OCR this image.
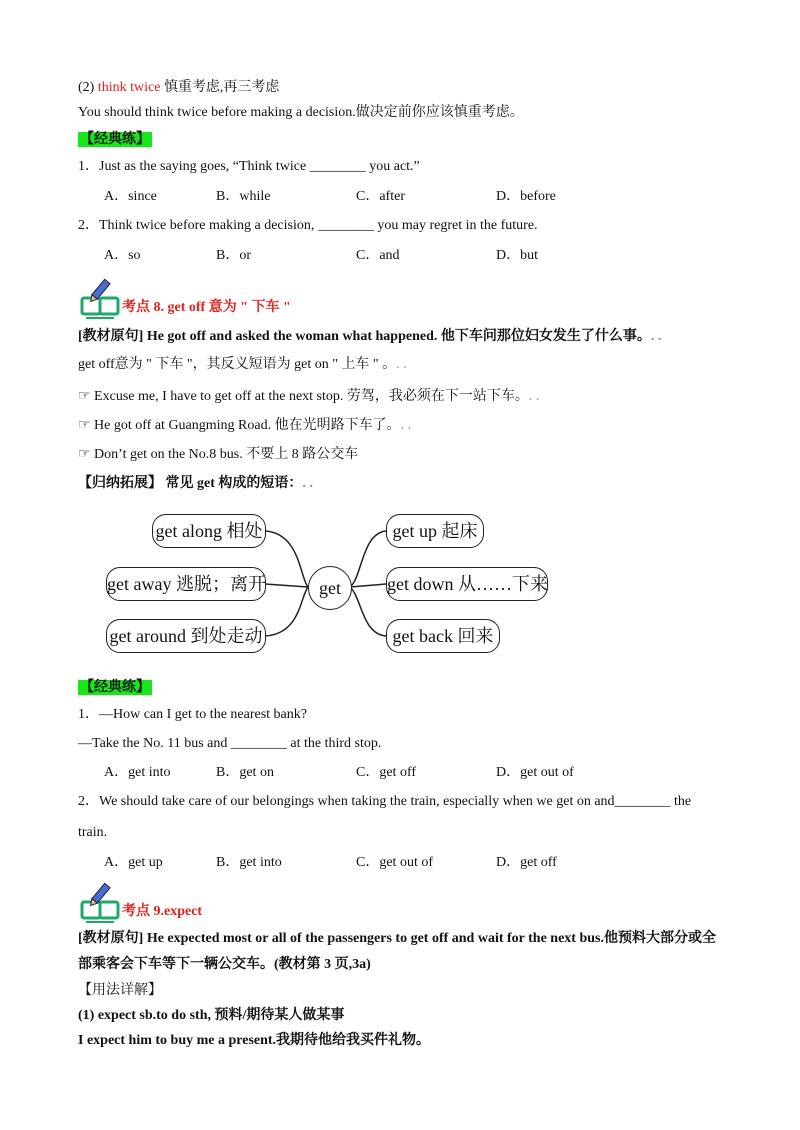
(2) think twice 慎重考虑,再三考虑
You should think twice before making a decision.做决定前你应该慎重考虑。
【经典练】
1．Just as the saying goes, “Think twice ________ you act.”
A．since	B．while	C．after	D．before
2．Think twice before making a decision, ________ you may regret in the future.
A．so	B．or	C．and	D．but
考点 8. get off 意为 " 下车 "
[教材原句] He got off and asked the woman what happened. 他下车问那位妇女发生了什么事。. .
get off意为 " 下车 "，其反义短语为 get on " 上车 " 。. .
☞ Excuse me, I have to get off at the next stop. 劳驾，我必须在下一站下车。. .
☞ He got off at Guangming Road. 他在光明路下车了。. .
☞ Don’t get on the No.8 bus. 不要上 8 路公交车
【归纳拓展】 常见 get 构成的短语：. .
get along 相处
get away 逃脱；离开
get around 到处走动
get
get up 起床
get down 从……下来
get back 回来
【经典练】
1．—How can I get to the nearest bank?
—Take the No. 11 bus and ________ at the third stop.
A．get into	B．get on	C．get off	D．get out of
2．We should take care of our belongings when taking the train, especially when we get on and________ the
train.
A．get up	B．get into	C．get out of	D．get off
考点 9.expect
[教材原句] He expected most or all of the passengers to get off and wait for the next bus.他预料大部分或全
部乘客会下车等下一辆公交车。(教材第 3 页,3a)
【用法详解】
(1) expect sb.to do sth, 预料/期待某人做某事
I expect him to buy me a present.我期待他给我买件礼物。
